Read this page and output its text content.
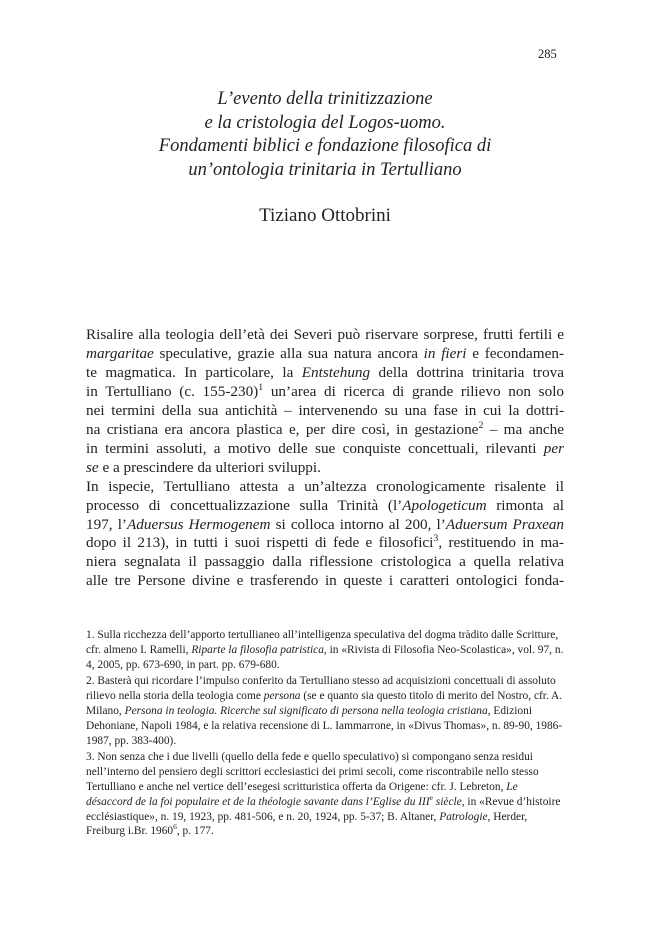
285
L’evento della trinitizzazione
e la cristologia del Logos-uomo.
Fondamenti biblici e fondazione filosofica di
un’ontologia trinitaria in Tertulliano
Tiziano Ottobrini
Risalire alla teologia dell’età dei Severi può riservare sorprese, frutti fertili e
margaritae speculative, grazie alla sua natura ancora in fieri e fecondamen-
te magmatica. In particolare, la Entstehung della dottrina trinitaria trova
in Tertulliano (c. 155-230)$^1$ un’area di ricerca di grande rilievo non solo
nei termini della sua antichità – intervenendo su una fase in cui la dottri-
na cristiana era ancora plastica e, per dire così, in gestazione$^2$ – ma anche
in termini assoluti, a motivo delle sue conquiste concettuali, rilevanti per
se e a prescindere da ulteriori sviluppi.
In ispecie, Tertulliano attesta a un’altezza cronologicamente risalente il
processo di concettualizzazione sulla Trinità (l’Apologeticum rimonta al
197, l’Aduersus Hermogenem si colloca intorno al 200, l’Aduersum Praxean
dopo il 213), in tutti i suoi rispetti di fede e filosofici$^3$, restituendo in ma-
niera segnalata il passaggio dalla riflessione cristologica a quella relativa
alle tre Persone divine e trasferendo in queste i caratteri ontologici fonda-
1. Sulla ricchezza dell’apporto tertullianeo all’intelligenza speculativa del dogma tràdito dalle Scritture, cfr. almeno I. Ramelli, Riparte la filosofia patristica, in «Rivista di Filosofia Neo-Scolastica», vol. 97, n. 4, 2005, pp. 673-690, in part. pp. 679-680.
2. Basterà qui ricordare l’impulso conferito da Tertulliano stesso ad acquisizioni concettuali di assoluto rilievo nella storia della teologia come persona (se e quanto sia questo titolo di merito del Nostro, cfr. A. Milano, Persona in teologia. Ricerche sul significato di persona nella teologia cristiana, Edizioni Dehoniane, Napoli 1984, e la relativa recensione di L. Iammarrone, in «Divus Thomas», n. 89-90, 1986-1987, pp. 383-400).
3. Non senza che i due livelli (quello della fede e quello speculativo) si compongano senza residui nell’interno del pensiero degli scrittori ecclesiastici dei primi secoli, come riscontrabile nello stesso Tertulliano e anche nel vertice dell’esegesi scritturistica offerta da Origene: cfr. J. Lebreton, Le désaccord de la foi populaire et de la théologie savante dans l’Eglise du IIIe siècle, in «Revue d’histoire ecclésiastique», n. 19, 1923, pp. 481-506, e n. 20, 1924, pp. 5-37; B. Altaner, Patrologie, Herder, Freiburg i.Br. 1960$^6$, p. 177.
